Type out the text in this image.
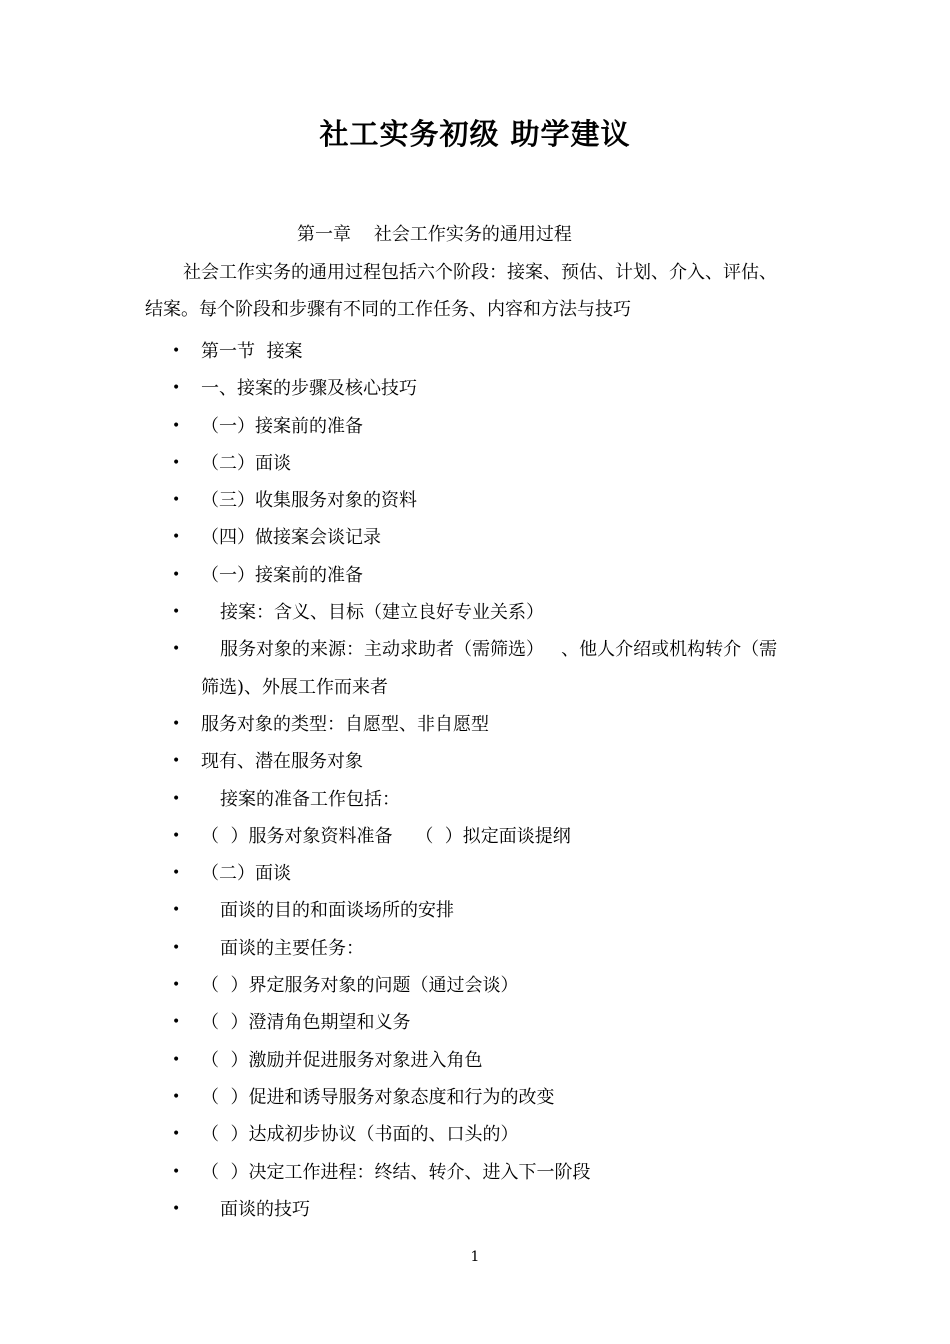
社工实务初级 助学建议
第一章    社会工作实务的通用过程
社会工作实务的通用过程包括六个阶段：接案、预估、计划、介入、评估、
结案。每个阶段和步骤有不同的工作任务、内容和方法与技巧
• 第一节  接案
• 一、接案的步骤及核心技巧
• （一）接案前的准备
• （二）面谈
• （三）收集服务对象的资料
• （四）做接案会谈记录
• （一）接案前的准备
• 接案：含义、目标（建立良好专业关系）
• 服务对象的来源：主动求助者（需筛选）   、他人介绍或机构转介（需
筛选)、外展工作而来者
• 服务对象的类型：自愿型、非自愿型
• 现有、潜在服务对象
• 接案的准备工作包括：
• （  ）服务对象资料准备    （  ）拟定面谈提纲
• （二）面谈
• 面谈的目的和面谈场所的安排
• 面谈的主要任务：
• （  ）界定服务对象的问题（通过会谈）
• （  ）澄清角色期望和义务
• （  ）激励并促进服务对象进入角色
• （  ）促进和诱导服务对象态度和行为的改变
• （  ）达成初步协议（书面的、口头的）
• （  ）决定工作进程：终结、转介、进入下一阶段
• 面谈的技巧
1
